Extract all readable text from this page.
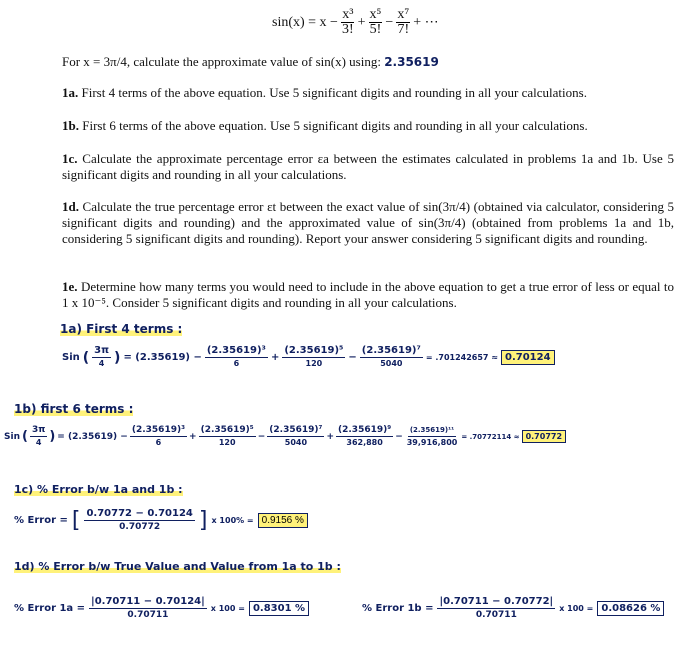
$\sin(x) = x - \frac{\text{x³}}{3!} + \frac{\text{x⁵}}{5!} - \frac{\text{x⁷}}{7!}$ + ⋯
For x = 3π/4, calculate the approximate value of sin(x) using: 2.35619
1a. First 4 terms of the above equation. Use 5 significant digits and rounding in all your calculations.
1b. First 6 terms of the above equation. Use 5 significant digits and rounding in all your calculations.
1c. Calculate the approximate percentage error εa between the estimates calculated in problems 1a and 1b. Use 5 significant digits and rounding in all your calculations.
1d. Calculate the true percentage error εt between the exact value of sin(3π/4) (obtained via calculator, considering 5 significant digits and rounding) and the approximated value of sin(3π/4) (obtained from problems 1a and 1b, considering 5 significant digits and rounding). Report your answer considering 5 significant digits and rounding.
1e. Determine how many terms you would need to include in the above equation to get a true error of less or equal to 1 x 10⁻⁵. Consider 5 significant digits and rounding in all your calculations.
1a) First 4 terms :
Sin ( $\frac{3\pi}{4}$ ) = $(2.35619) - \frac{\text{(2.35619)³}}{6} + \frac{\text{(2.35619)⁵}}{120} - \frac{\text{(2.35619)⁷}}{5040} = .701242657 \approx 0.70124$
1b) first 6 terms :
Sin ( $\frac{3\pi}{4}$ ) = $(2.35619) - \frac{\text{(2.35619)³}}{6} + \frac{\text{(2.35619)⁵}}{120} - \frac{\text{(2.35619)⁷}}{5040} + \frac{\text{(2.35619)⁹}}{362,880} - \frac{\text{(2.35619)¹¹}}{39,916,800} = .70772114 \approx 0.70772$
1c) % Error b/w 1a and 1b :
% Error = [ $\frac{0.70772 - 0.70124}{0.70772}$ ] x 100% = 0.9156 %
1d) % Error b/w True Value and Value from 1a to 1b :
% Error $1a = \frac{|0.70711 - 0.70124|}{0.70711}$ x 100 = 0.8301 %	% Error $1b = \frac{|0.70711 - 0.70772|}{0.70711}$ x 100 = 0.08626 %
